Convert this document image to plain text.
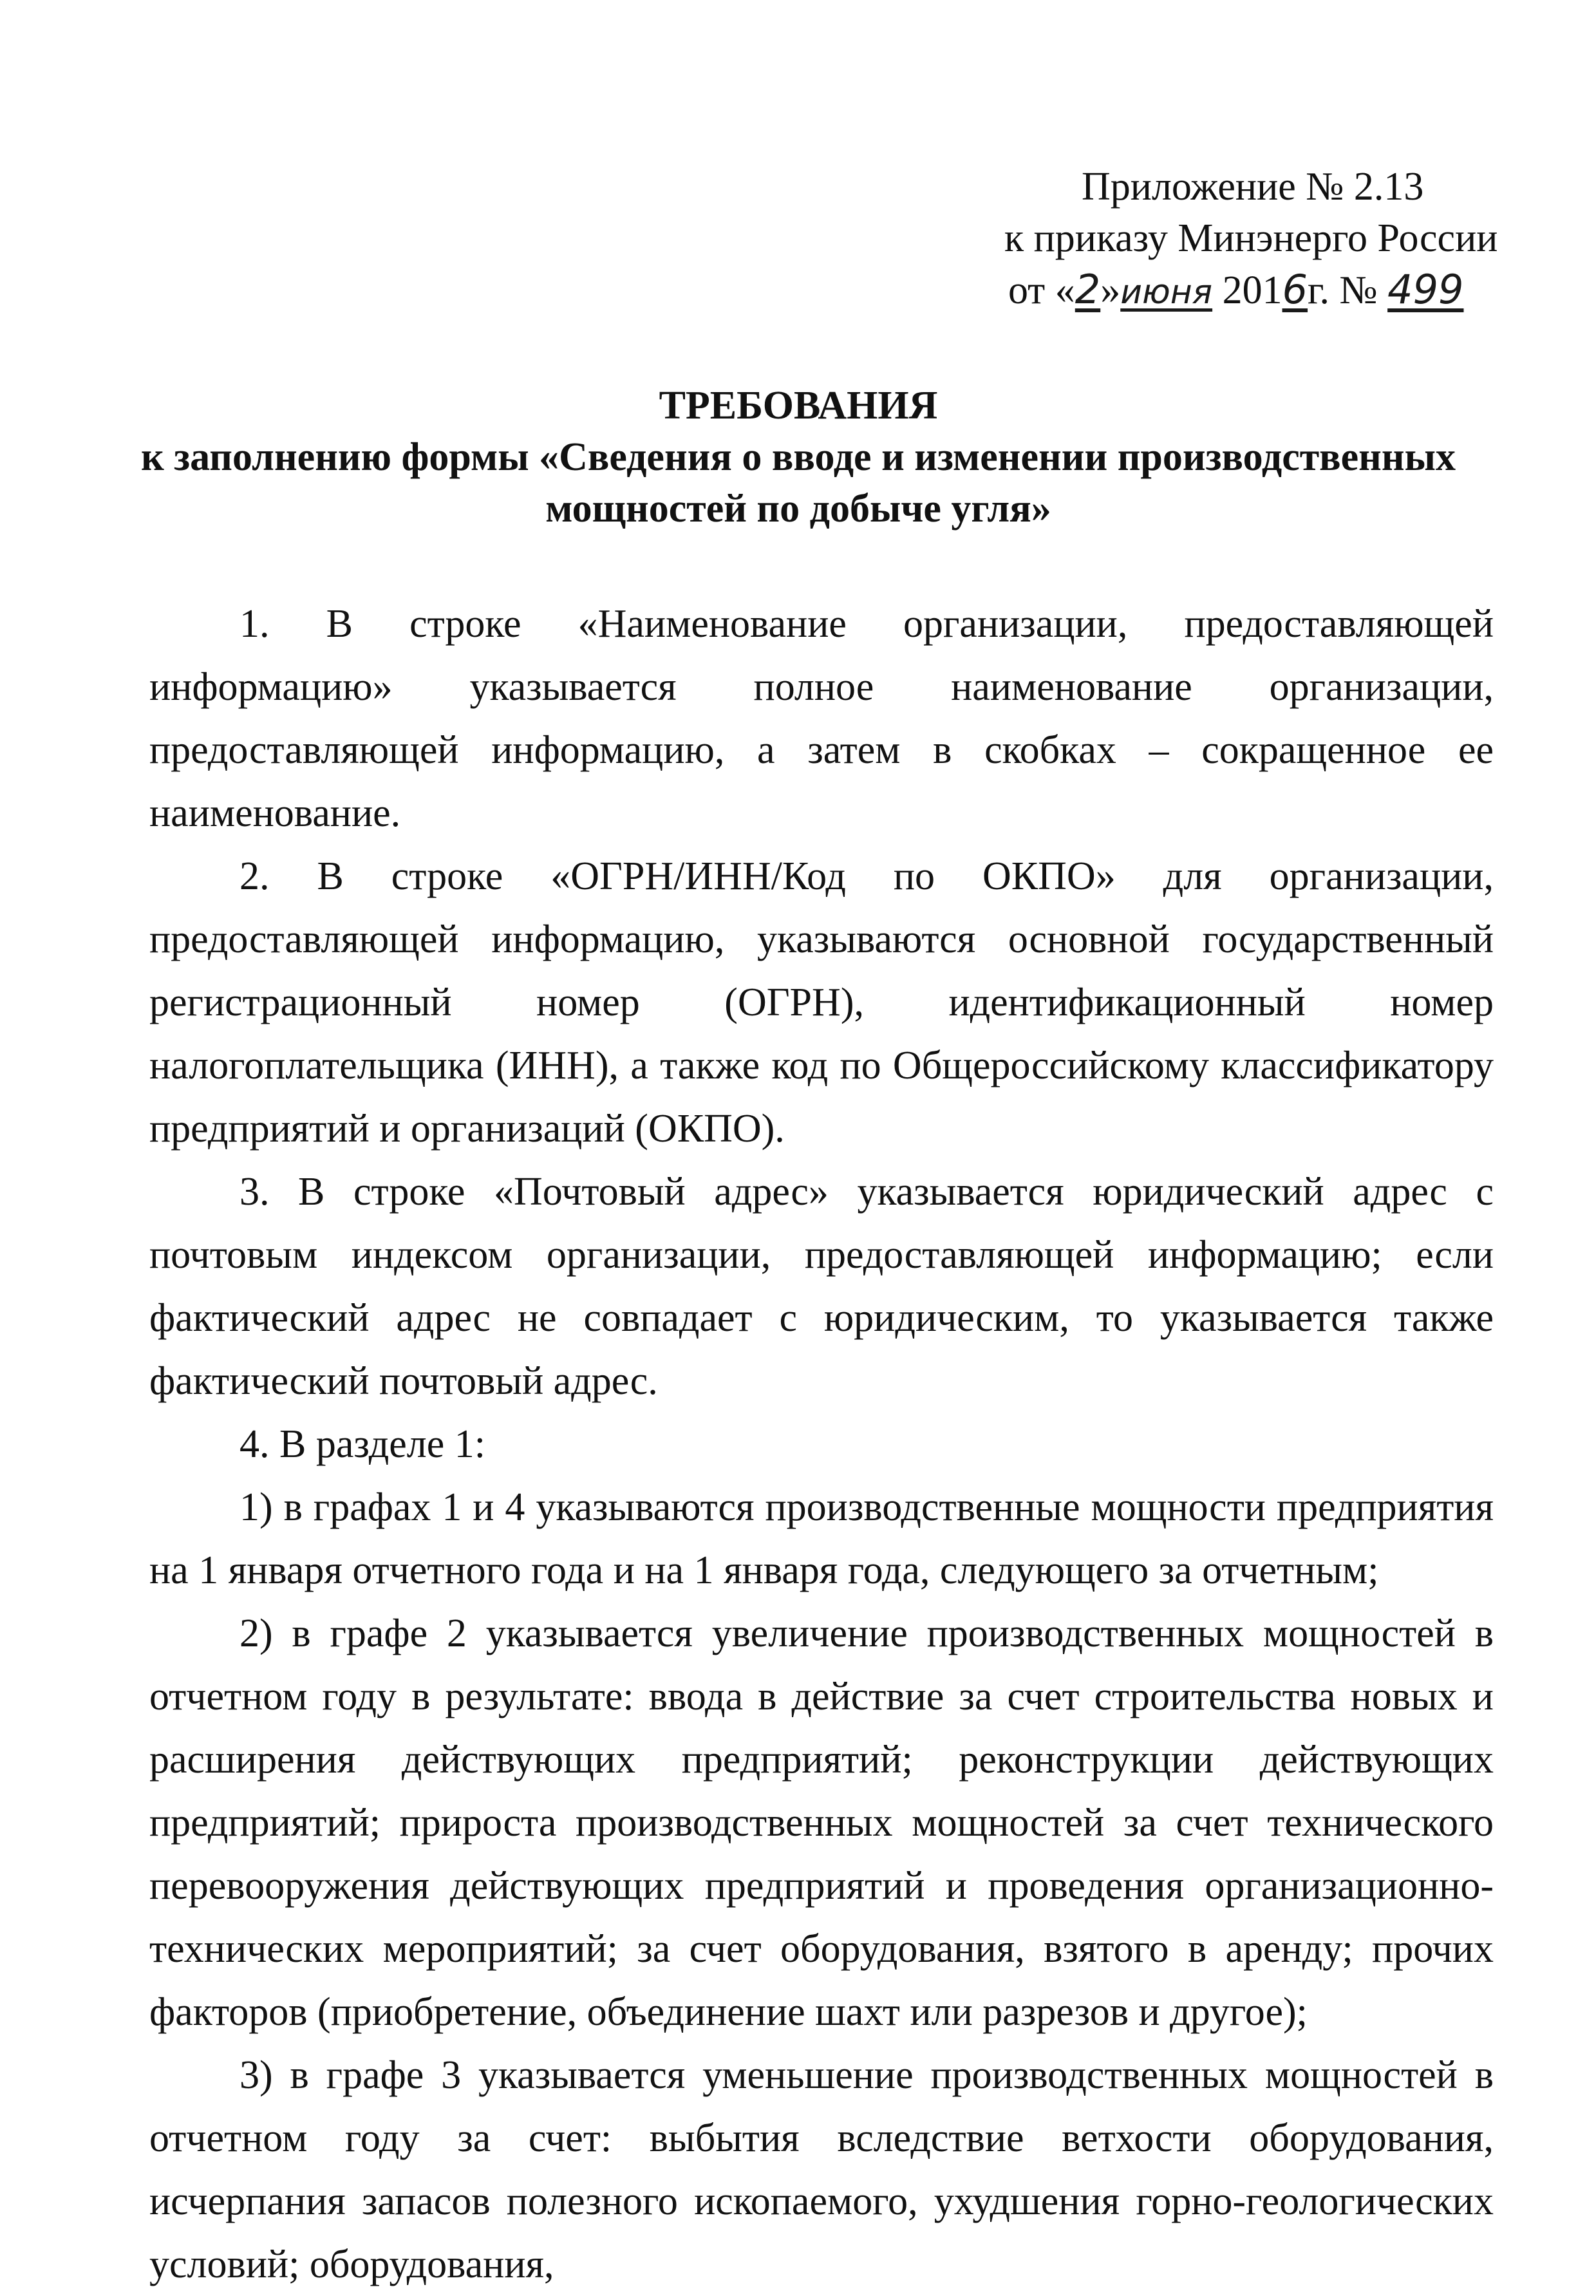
Приложение № 2.13
к приказу Минэнерго России
от «2»июня 2016г. № 499
ТРЕБОВАНИЯ
к заполнению формы «Сведения о вводе и изменении производственных
мощностей по добыче угля»

1. В строке «Наименование организации, предоставляющей информацию» указывается полное наименование организации, предоставляющей информацию, а затем в скобках – сокращенное ее наименование.

2. В строке «ОГРН/ИНН/Код по ОКПО» для организации, предоставляющей информацию, указываются основной государственный регистрационный номер (ОГРН), идентификационный номер налогоплательщика (ИНН), а также код по Общероссийскому классификатору предприятий и организаций (ОКПО).

3. В строке «Почтовый адрес» указывается юридический адрес с почтовым индексом организации, предоставляющей информацию; если фактический адрес не совпадает с юридическим, то указывается также фактический почтовый адрес.

4. В разделе 1:

1) в графах 1 и 4 указываются производственные мощности предприятия на 1 января отчетного года и на 1 января года, следующего за отчетным;

2) в графе 2 указывается увеличение производственных мощностей в отчетном году в результате: ввода в действие за счет строительства новых и расширения действующих предприятий; реконструкции действующих предприятий; прироста производственных мощностей за счет технического перевооружения действующих предприятий и проведения организационно-технических мероприятий; за счет оборудования, взятого в аренду; прочих факторов (приобретение, объединение шахт или разрезов и другое);

3) в графе 3 указывается уменьшение производственных мощностей в отчетном году за счет: выбытия вследствие ветхости оборудования, исчерпания запасов полезного ископаемого, ухудшения горно-геологических условий; оборудования,
